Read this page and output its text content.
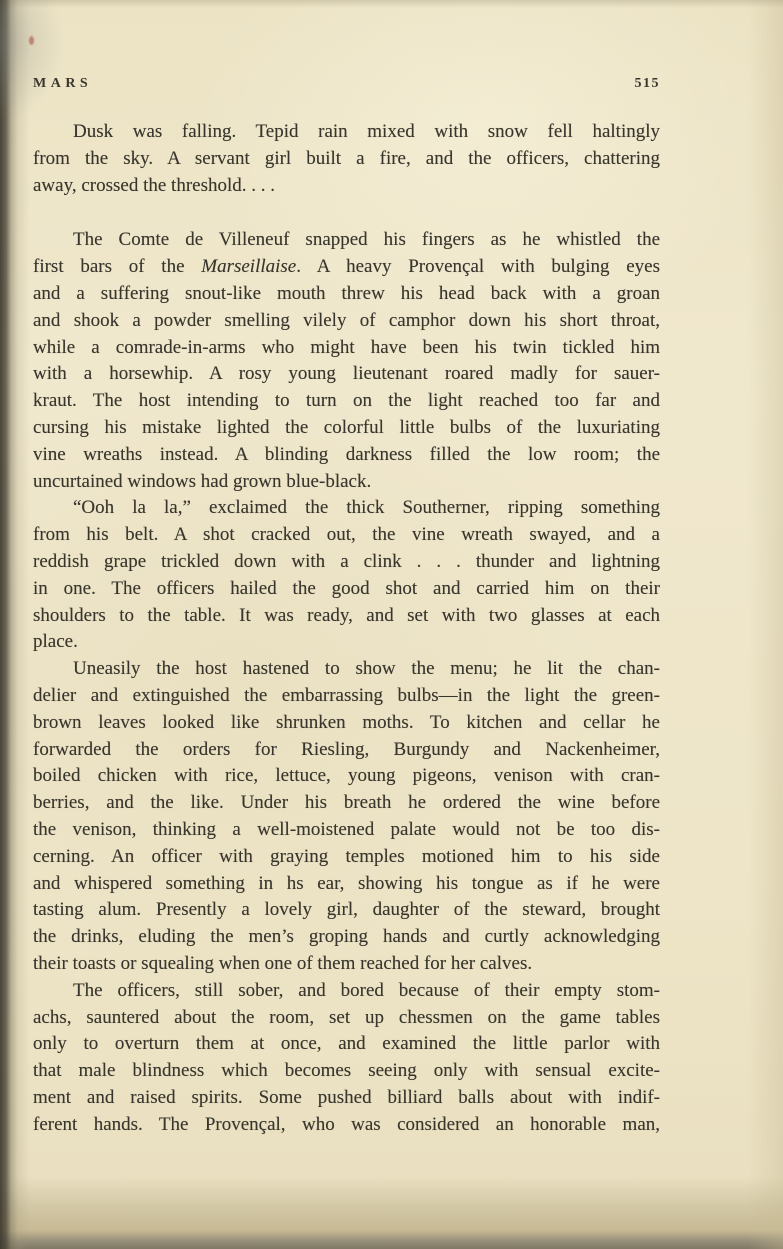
MARS	515
Dusk was falling. Tepid rain mixed with snow fell haltingly
from the sky. A servant girl built a fire, and the officers, chattering
away, crossed the threshold. . . .
The Comte de Villeneuf snapped his fingers as he whistled the
first bars of the Marseillaise. A heavy Provençal with bulging eyes
and a suffering snout-like mouth threw his head back with a groan
and shook a powder smelling vilely of camphor down his short throat,
while a comrade-in-arms who might have been his twin tickled him
with a horsewhip. A rosy young lieutenant roared madly for sauer-
kraut. The host intending to turn on the light reached too far and
cursing his mistake lighted the colorful little bulbs of the luxuriating
vine wreaths instead. A blinding darkness filled the low room; the
uncurtained windows had grown blue-black.
“Ooh la la,” exclaimed the thick Southerner, ripping something
from his belt. A shot cracked out, the vine wreath swayed, and a
reddish grape trickled down with a clink . . . thunder and lightning
in one. The officers hailed the good shot and carried him on their
shoulders to the table. It was ready, and set with two glasses at each
place.
Uneasily the host hastened to show the menu; he lit the chan-
delier and extinguished the embarrassing bulbs—in the light the green-
brown leaves looked like shrunken moths. To kitchen and cellar he
forwarded the orders for Riesling, Burgundy and Nackenheimer,
boiled chicken with rice, lettuce, young pigeons, venison with cran-
berries, and the like. Under his breath he ordered the wine before
the venison, thinking a well-moistened palate would not be too dis-
cerning. An officer with graying temples motioned him to his side
and whispered something in hs ear, showing his tongue as if he were
tasting alum. Presently a lovely girl, daughter of the steward, brought
the drinks, eluding the men’s groping hands and curtly acknowledging
their toasts or squealing when one of them reached for her calves.
The officers, still sober, and bored because of their empty stom-
achs, sauntered about the room, set up chessmen on the game tables
only to overturn them at once, and examined the little parlor with
that male blindness which becomes seeing only with sensual excite-
ment and raised spirits. Some pushed billiard balls about with indif-
ferent hands. The Provençal, who was considered an honorable man,
